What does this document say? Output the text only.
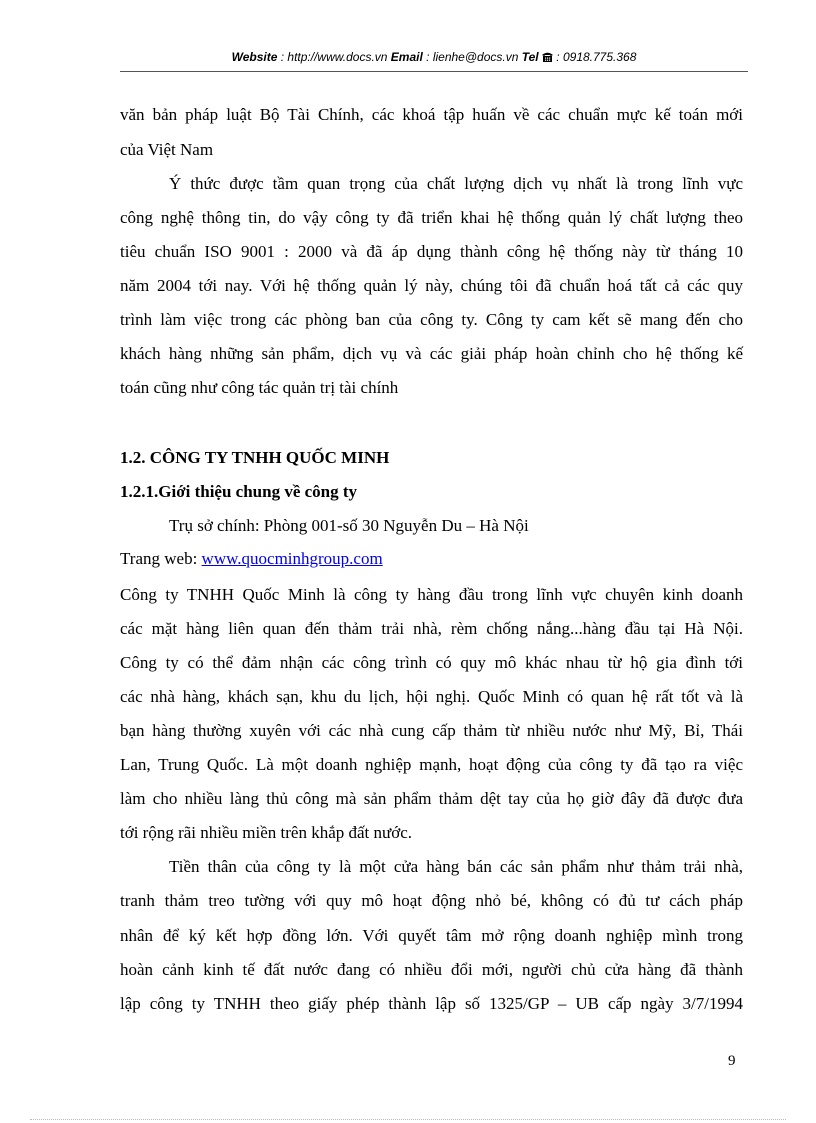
Website : http://www.docs.vn Email : lienhe@docs.vn Tel  : 0918.775.368
văn bản pháp luật Bộ Tài Chính, các khoá tập huấn về các chuẩn mực kế toán mới
của Việt Nam
Ý thức được tầm quan trọng của chất lượng dịch vụ nhất là trong lĩnh vực
công nghệ thông tin, do vậy công ty đã triển khai hệ thống quản lý chất lượng theo
tiêu chuẩn ISO 9001 : 2000 và đã áp dụng thành công hệ thống này từ tháng 10
năm 2004 tới nay. Với hệ thống quản lý này, chúng tôi đã chuẩn hoá tất cả các quy
trình làm việc trong các phòng ban của công ty. Công ty cam kết sẽ mang đến cho
khách hàng những sản phẩm, dịch vụ và các giải pháp hoàn chỉnh cho hệ thống kế
toán cũng như công tác quản trị tài chính
1.2. CÔNG TY TNHH QUỐC MINH
1.2.1.Giới thiệu chung về công ty
Trụ sở chính: Phòng 001-số 30 Nguyễn Du – Hà Nội
Trang web: www.quocminhgroup.com
Công ty TNHH Quốc Minh là công ty hàng đầu trong lĩnh vực chuyên kinh doanh
các mặt hàng liên quan đến thảm trải nhà, rèm chống nắng...hàng đầu tại Hà Nội.
Công ty có thể đảm nhận các công trình có quy mô khác nhau từ hộ gia đình tới
các nhà hàng, khách sạn, khu du lịch, hội nghị. Quốc Minh có quan hệ rất tốt và là
bạn hàng thường xuyên với các nhà cung cấp thảm từ nhiều nước như Mỹ, Bỉ, Thái
Lan, Trung Quốc. Là một doanh nghiệp mạnh, hoạt động của công ty đã tạo ra việc
làm cho nhiều làng thủ công mà sản phẩm thảm dệt tay của họ giờ đây đã được đưa
tới rộng rãi nhiều miền trên khắp đất nước.
Tiền thân của công ty là một cửa hàng bán các sản phẩm như thảm trải nhà,
tranh thảm treo tường với quy mô hoạt động nhỏ bé, không có đủ tư cách pháp
nhân để ký kết hợp đồng lớn. Với quyết tâm mở rộng doanh nghiệp mình trong
hoàn cảnh kinh tế đất nước đang có nhiều đổi mới, người chủ cửa hàng đã thành
lập công ty TNHH theo giấy phép thành lập số 1325/GP – UB cấp ngày 3/7/1994
9
